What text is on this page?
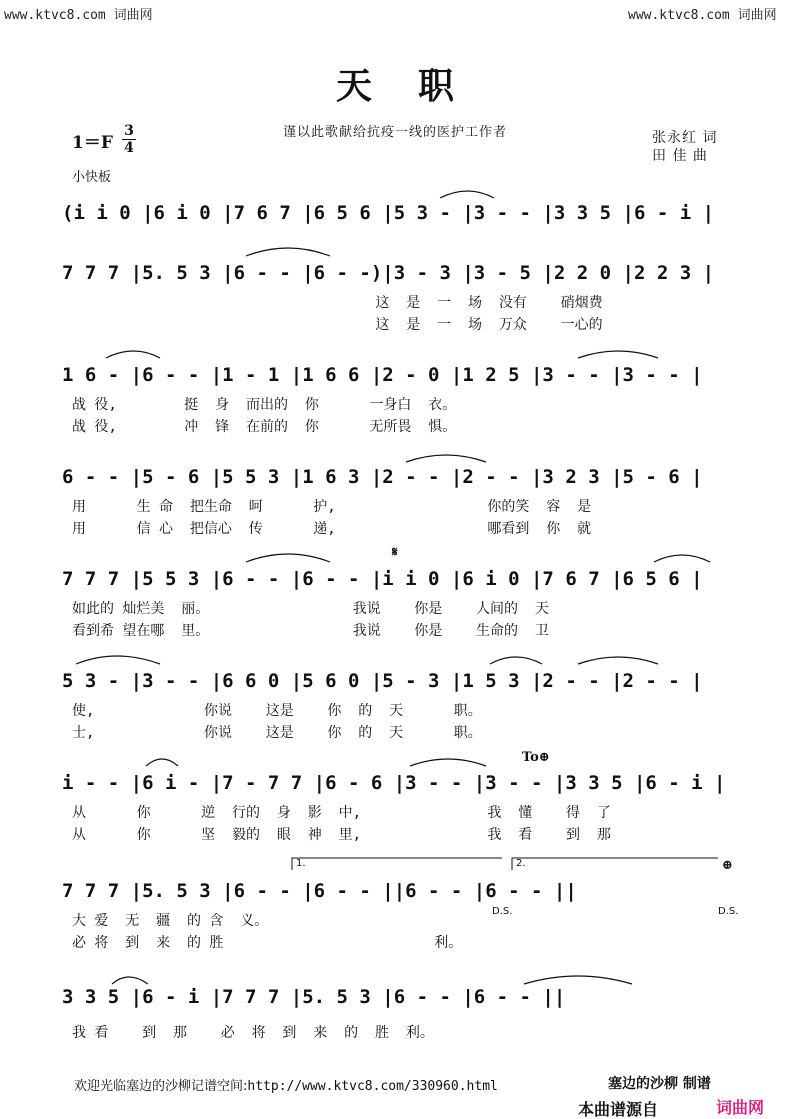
www.ktvc8.com 词曲网	www.ktvc8.com 词曲网
天职
1＝F
3
4
谨以此歌献给抗疫一线的医护工作者	张永红 词
田 佳 曲
小快板
(i i 0 |6 i 0 |7 6 7 |6 5 6 |5 3 - |3 - - |3 3 5 |6 - i |
7 7 7 |5. 5 3 |6 - - |6 - -)|3 - 3 |3 - 5 |2 2 0 |2 2 3 |
这  是  一  场  没有    硝烟费
这  是  一  场  万众    一心的
1 6 - |6 - - |1 - 1 |1 6 6 |2 - 0 |1 2 5 |3 - - |3 - - |
战 役,        挺  身  而出的  你      一身白  衣。
战 役,        冲  锋  在前的  你      无所畏  惧。
6 - - |5 - 6 |5 5 3 |1 6 3 |2 - - |2 - - |3 2 3 |5 - 6 |
用      生 命  把生命  呵      护,                  你的笑  容  是
用      信 心  把信心  传      递,                  哪看到  你  就
7 7 7 |5 5 3 |6 - - |6 - - |i i 0 |6 i 0 |7 6 7 |6 5 6 |
如此的 灿烂美  丽。                 我说    你是    人间的  天
看到希 望在哪  里。                 我说    你是    生命的  卫
5 3 - |3 - - |6 6 0 |5 6 0 |5 - 3 |1 5 3 |2 - - |2 - - |
使,             你说    这是    你  的  天      职。
士,             你说    这是    你  的  天      职。
i - - |6 i - |7 - 7 7 |6 - 6 |3 - - |3 - - |3 3 5 |6 - i |
从      你      逆  行的  身  影  中,               我  懂    得  了
从      你      坚  毅的  眼  神  里,               我  看    到  那
7 7 7 |5. 5 3 |6 - - |6 - - ||6 - - |6 - - ||
大 爱  无  疆  的 含  义。
必 将  到  来  的 胜                         利。
3 3 5 |6 - i |7 7 7 |5. 5 3 |6 - - |6 - - ||
我 看    到  那    必  将  到  来  的  胜  利。
𝄋
To⊕
⊕
D.S.	D.S.
1.	2.
欢迎光临塞边的沙柳记谱空间:http://www.ktvc8.com/330960.html	塞边的沙柳 制谱
本曲谱源自	词曲网
